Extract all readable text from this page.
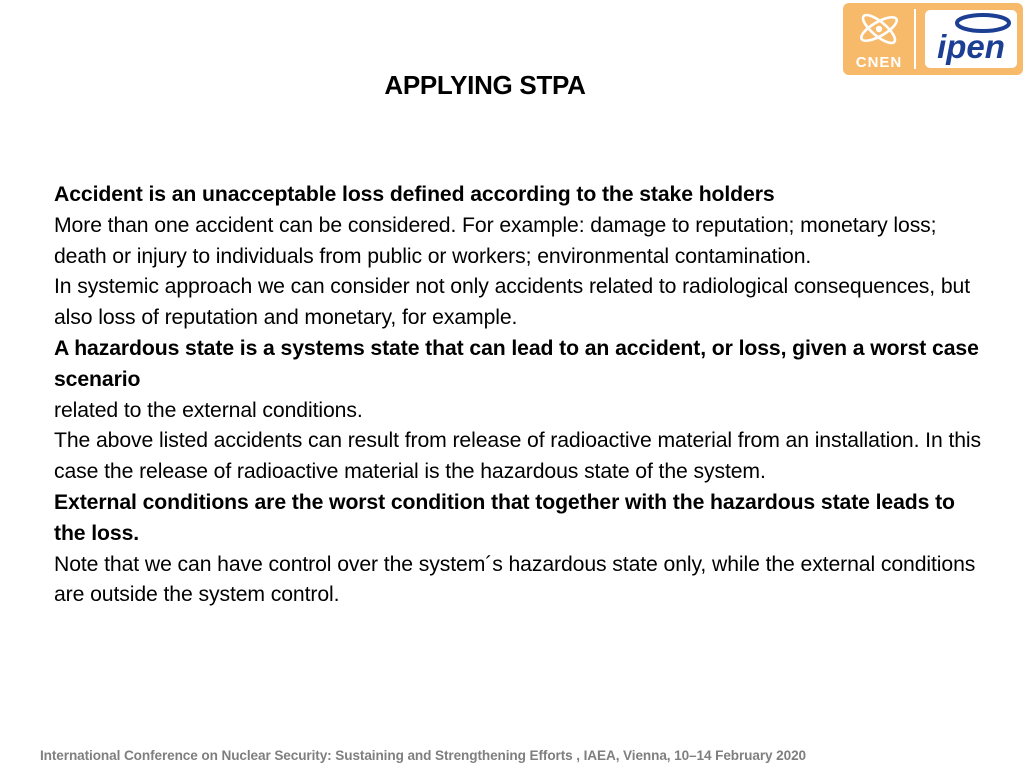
CNEN ipen
APPLYING STPA

Accident is an unacceptable loss defined according to the stake holders

More than one accident can be considered. For example: damage to reputation; monetary loss; death or injury to individuals from public or workers; environmental contamination.

In systemic approach we can consider not only accidents related to radiological consequences, but also loss of reputation and monetary, for example.

A hazardous state is a systems state that can lead to an accident, or loss, given a worst case scenario

related to the external conditions.

The above listed accidents can result from release of radioactive material from an installation. In this case the release of radioactive material is the hazardous state of the system.

External conditions are the worst condition that together with the hazardous state leads to the loss.

Note that we can have control over the system´s hazardous state only, while the external conditions are outside the system control.

International Conference on Nuclear Security: Sustaining and Strengthening Efforts , IAEA, Vienna, 10–14 February 2020
